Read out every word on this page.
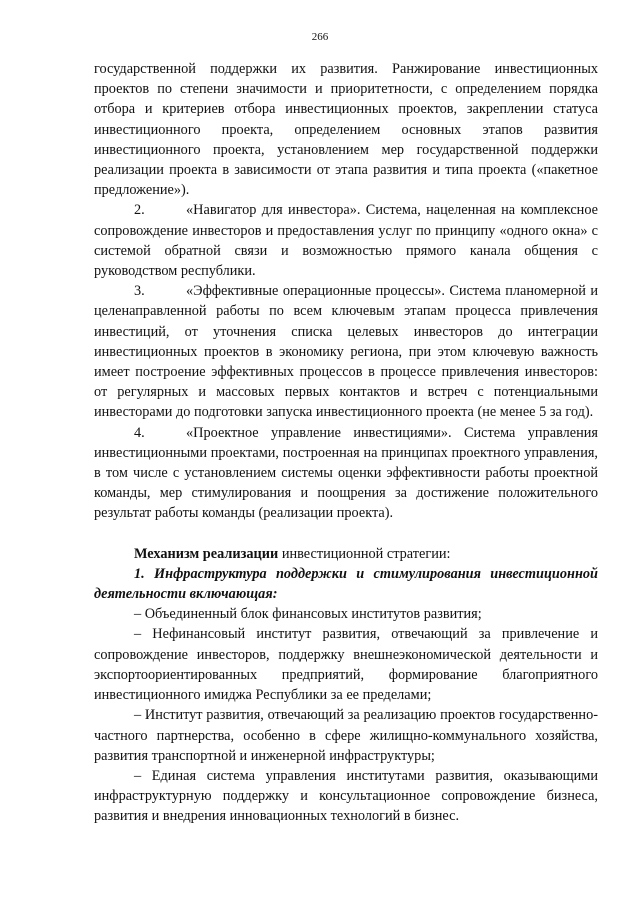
266

государственной поддержки их развития. Ранжирование инвестиционных проектов по степени значимости и приоритетности, с определением порядка отбора и критериев отбора инвестиционных проектов, закреплении статуса инвестиционного проекта, определением основных этапов развития инвестиционного проекта, установлением мер государственной поддержки реализации проекта в зависимости от этапа развития и типа проекта («пакетное предложение»).

2.	«Навигатор для инвестора». Система, нацеленная на комплексное сопровождение инвесторов и предоставления услуг по принципу «одного окна» с системой обратной связи и возможностью прямого канала общения с руководством республики.

3.	«Эффективные операционные процессы». Система планомерной и целенаправленной работы по всем ключевым этапам процесса привлечения инвестиций, от уточнения списка целевых инвесторов до интеграции инвестиционных проектов в экономику региона, при этом ключевую важность имеет построение эффективных процессов в процессе привлечения инвесторов: от регулярных и массовых первых контактов и встреч с потенциальными инвесторами до подготовки запуска инвестиционного проекта (не менее 5 за год).

4.	«Проектное управление инвестициями». Система управления инвестиционными проектами, построенная на принципах проектного управления, в том числе с установлением системы оценки эффективности работы проектной команды, мер стимулирования и поощрения за достижение положительного результат работы команды (реализации проекта).

Механизм реализации инвестиционной стратегии:

1. Инфраструктура поддержки и стимулирования инвестиционной деятельности включающая:

– Объединенный блок финансовых институтов развития;

– Нефинансовый институт развития, отвечающий за привлечение и сопровождение инвесторов, поддержку внешнеэкономической деятельности и экспортоориентированных предприятий, формирование благоприятного инвестиционного имиджа Республики за ее пределами;

– Институт развития, отвечающий за реализацию проектов государственно-частного партнерства, особенно в сфере жилищно-коммунального хозяйства, развития транспортной и инженерной инфраструктуры;

– Единая система управления институтами развития, оказывающими инфраструктурную поддержку и консультационное сопровождение бизнеса, развития и внедрения инновационных технологий в бизнес.
